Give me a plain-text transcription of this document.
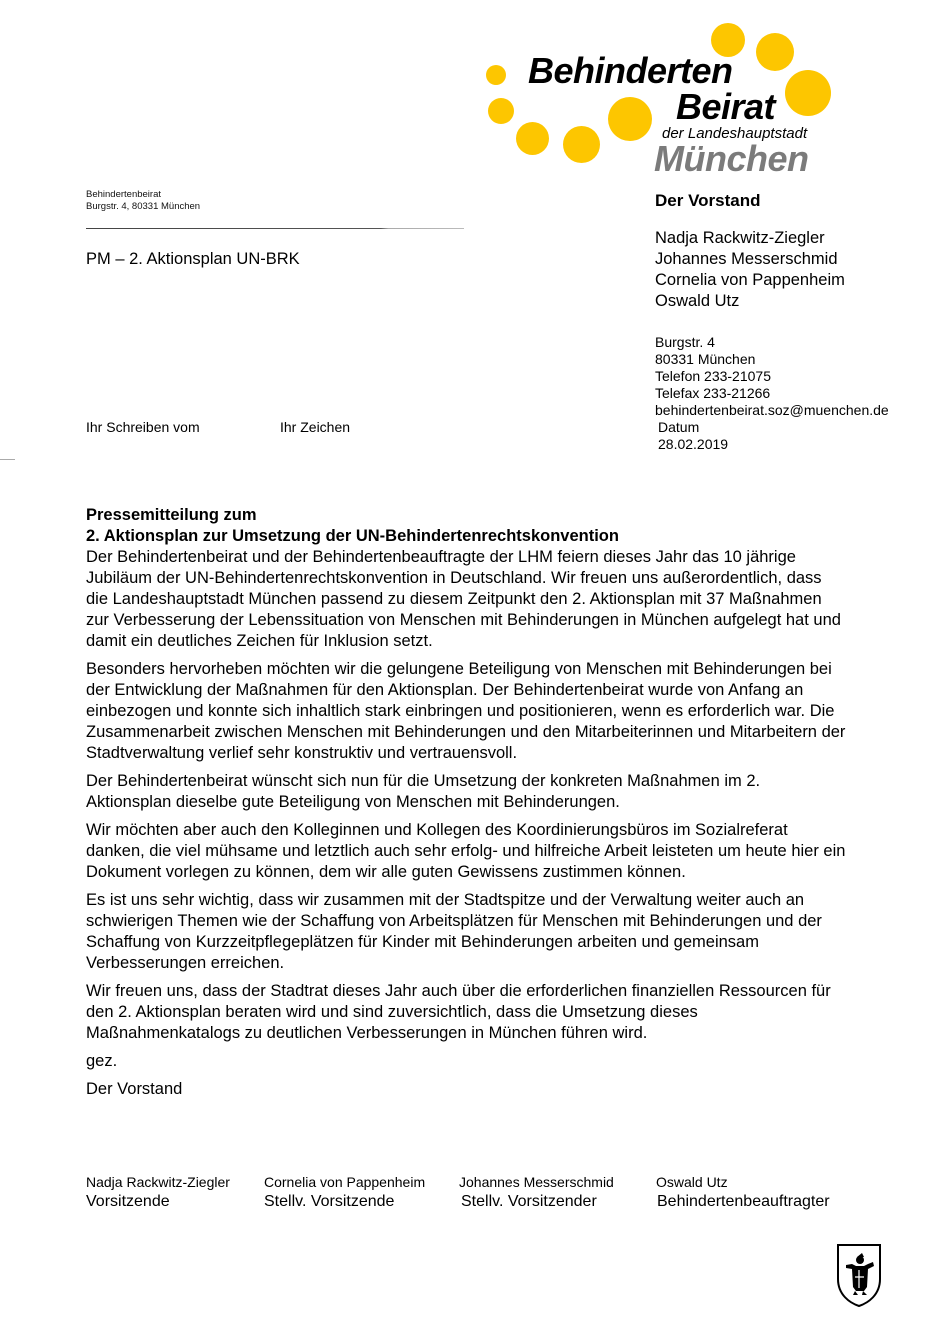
Behinderten
Beirat
der Landeshauptstadt
München
Behindertenbeirat
Burgstr. 4, 80331 München
PM – 2. Aktionsplan UN-BRK
Der Vorstand
Nadja Rackwitz-Ziegler
Johannes Messerschmid
Cornelia von Pappenheim
Oswald Utz
Burgstr. 4
80331 München
Telefon 233-21075
Telefax 233-21266
behindertenbeirat.soz@muenchen.de
Datum
28.02.2019
Ihr Schreiben vom	Ihr Zeichen
Pressemitteilung zum
2. Aktionsplan zur Umsetzung der UN-Behindertenrechtskonvention

Der Behindertenbeirat und der Behindertenbeauftragte der LHM feiern dieses Jahr das 10 jährige Jubiläum der UN-Behindertenrechtskonvention in Deutschland. Wir freuen uns außerordentlich, dass die Landeshauptstadt München passend zu diesem Zeitpunkt den 2. Aktionsplan mit 37 Maßnahmen zur Verbesserung der Lebenssituation von Menschen mit Behinderungen in München aufgelegt hat und damit ein deutliches Zeichen für Inklusion setzt.

Besonders hervorheben möchten wir die gelungene Beteiligung von Menschen mit Behinderungen bei der Entwicklung der Maßnahmen für den Aktionsplan. Der Behindertenbeirat wurde von Anfang an einbezogen und konnte sich inhaltlich stark einbringen und positionieren, wenn es erforderlich war. Die Zusammenarbeit zwischen Menschen mit Behinderungen und den Mitarbeiterinnen und Mitarbeitern der Stadtverwaltung verlief sehr konstruktiv und vertrauensvoll.

Der Behindertenbeirat wünscht sich nun für die Umsetzung der konkreten Maßnahmen im 2. Aktionsplan dieselbe gute Beteiligung von Menschen mit Behinderungen.

Wir möchten aber auch den Kolleginnen und Kollegen des Koordinierungsbüros im Sozialreferat danken, die viel mühsame und letztlich auch sehr erfolg- und hilfreiche Arbeit leisteten um heute hier ein Dokument vorlegen zu können, dem wir alle guten Gewissens zustimmen können.

Es ist uns sehr wichtig, dass wir zusammen mit der Stadtspitze und der Verwaltung weiter auch an schwierigen Themen wie der Schaffung von Arbeitsplätzen für Menschen mit Behinderungen und der Schaffung von Kurzzeitpflegeplätzen für Kinder mit Behinderungen arbeiten und gemeinsam Verbesserungen erreichen.

Wir freuen uns, dass der Stadtrat dieses Jahr auch über die erforderlichen finanziellen Ressourcen für den 2. Aktionsplan beraten wird und sind zuversichtlich, dass die Umsetzung dieses Maßnahmenkatalogs zu deutlichen Verbesserungen in München führen wird.

gez.

Der Vorstand

Nadja Rackwitz-Ziegler
Vorsitzende
Cornelia von Pappenheim
Stellv. Vorsitzende
Johannes Messerschmid
Stellv. Vorsitzender
Oswald Utz
Behindertenbeauftragter
